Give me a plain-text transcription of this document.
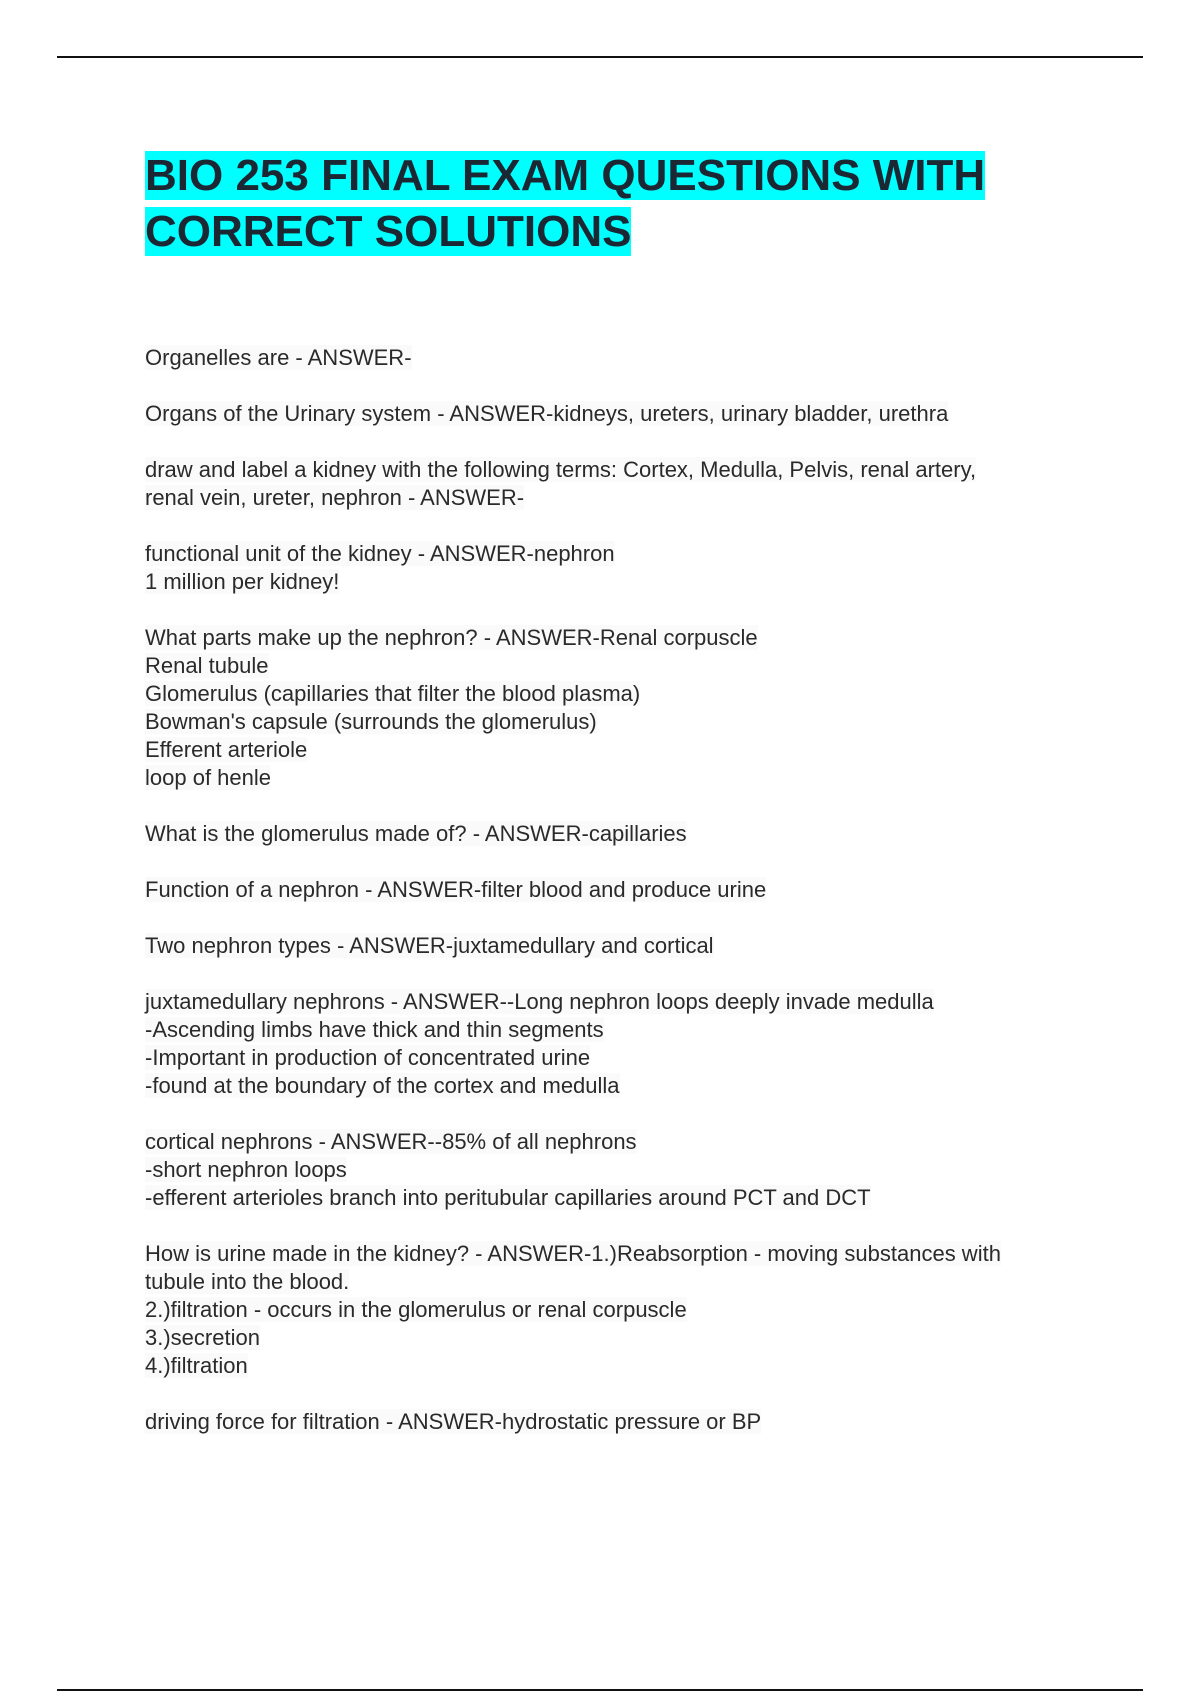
BIO 253 FINAL EXAM QUESTIONS WITH
CORRECT SOLUTIONS

Organelles are - ANSWER-

Organs of the Urinary system - ANSWER-kidneys, ureters, urinary bladder, urethra

draw and label a kidney with the following terms: Cortex, Medulla, Pelvis, renal artery,
renal vein, ureter, nephron - ANSWER-

functional unit of the kidney - ANSWER-nephron
1 million per kidney!

What parts make up the nephron? - ANSWER-Renal corpuscle
Renal tubule
Glomerulus (capillaries that filter the blood plasma)
Bowman's capsule (surrounds the glomerulus)
Efferent arteriole
loop of henle

What is the glomerulus made of? - ANSWER-capillaries

Function of a nephron - ANSWER-filter blood and produce urine

Two nephron types - ANSWER-juxtamedullary and cortical

juxtamedullary nephrons - ANSWER--Long nephron loops deeply invade medulla
-Ascending limbs have thick and thin segments
-Important in production of concentrated urine
-found at the boundary of the cortex and medulla

cortical nephrons - ANSWER--85% of all nephrons
-short nephron loops
-efferent arterioles branch into peritubular capillaries around PCT and DCT

How is urine made in the kidney? - ANSWER-1.)Reabsorption - moving substances with
tubule into the blood.
2.)filtration - occurs in the glomerulus or renal corpuscle
3.)secretion
4.)filtration

driving force for filtration - ANSWER-hydrostatic pressure or BP
